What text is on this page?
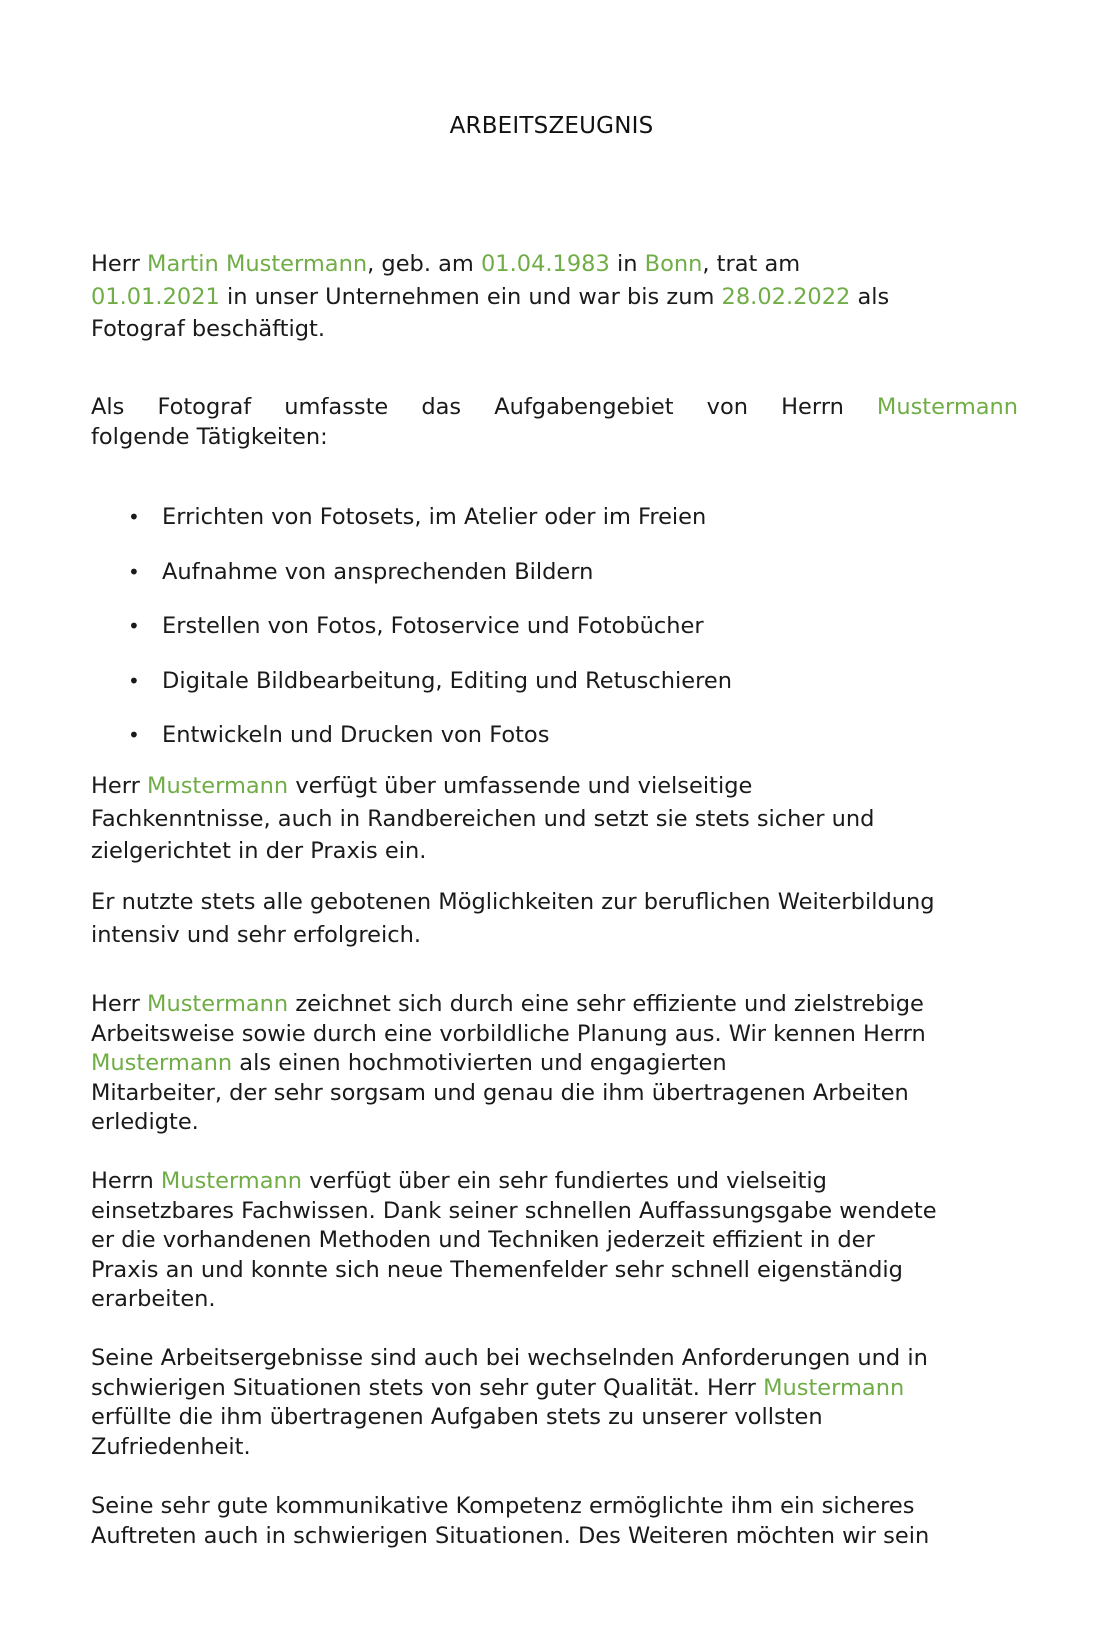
ARBEITSZEUGNIS
Herr Martin Mustermann, geb. am 01.04.1983 in Bonn, trat am
01.01.2021 in unser Unternehmen ein und war bis zum 28.02.2022 als
Fotograf beschäftigt.
Als Fotograf umfasste das Aufgabengebiet von Herrn Mustermann
folgende Tätigkeiten:
• Errichten von Fotosets, im Atelier oder im Freien
• Aufnahme von ansprechenden Bildern
• Erstellen von Fotos, Fotoservice und Fotobücher
• Digitale Bildbearbeitung, Editing und Retuschieren
• Entwickeln und Drucken von Fotos
Herr Mustermann verfügt über umfassende und vielseitige
Fachkenntnisse, auch in Randbereichen und setzt sie stets sicher und
zielgerichtet in der Praxis ein.
Er nutzte stets alle gebotenen Möglichkeiten zur beruflichen Weiterbildung
intensiv und sehr erfolgreich.
Herr Mustermann zeichnet sich durch eine sehr effiziente und zielstrebige
Arbeitsweise sowie durch eine vorbildliche Planung aus. Wir kennen Herrn
Mustermann als einen hochmotivierten und engagierten
Mitarbeiter, der sehr sorgsam und genau die ihm übertragenen Arbeiten
erledigte.
Herrn Mustermann verfügt über ein sehr fundiertes und vielseitig
einsetzbares Fachwissen. Dank seiner schnellen Auffassungsgabe wendete
er die vorhandenen Methoden und Techniken jederzeit effizient in der
Praxis an und konnte sich neue Themenfelder sehr schnell eigenständig
erarbeiten.
Seine Arbeitsergebnisse sind auch bei wechselnden Anforderungen und in
schwierigen Situationen stets von sehr guter Qualität. Herr Mustermann
erfüllte die ihm übertragenen Aufgaben stets zu unserer vollsten
Zufriedenheit.
Seine sehr gute kommunikative Kompetenz ermöglichte ihm ein sicheres
Auftreten auch in schwierigen Situationen. Des Weiteren möchten wir sein
